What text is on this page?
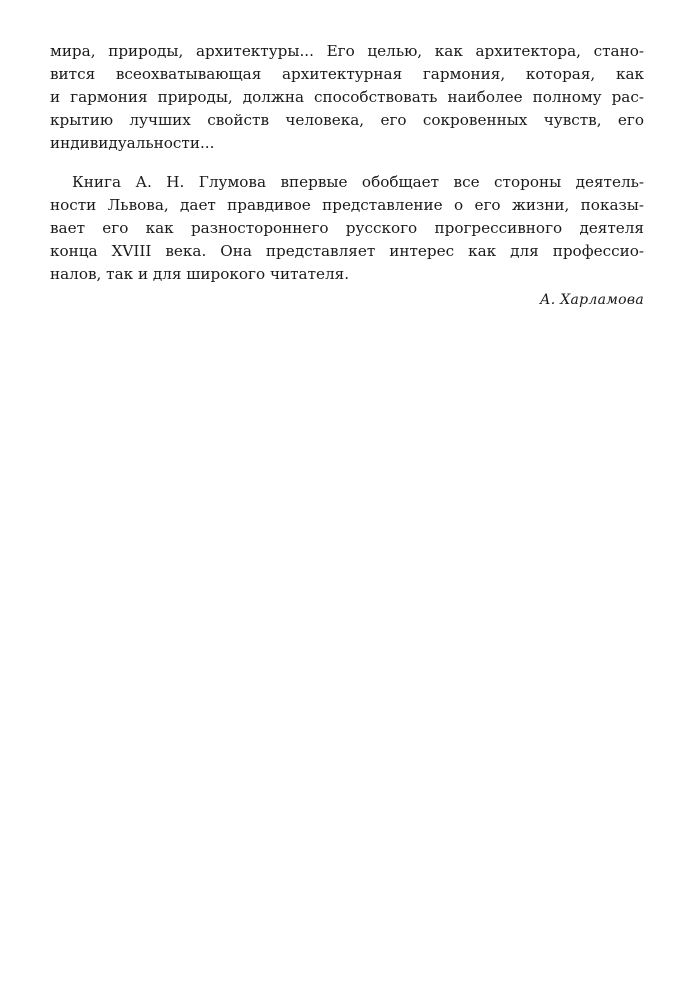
мира, природы, архитектуры... Его целью, как архитектора, стано-
вится всеохватывающая архитектурная гармония, которая, как
и гармония природы, должна способствовать наиболее полному рас-
крытию лучших свойств человека, его сокровенных чувств, его
индивидуальности...
Книга А. Н. Глумова впервые обобщает все стороны деятель-
ности Львова, дает правдивое представление о его жизни, показы-
вает его как разностороннего русского прогрессивного деятеля
конца XVIII века. Она представляет интерес как для профессио-
налов, так и для широкого читателя.
А. Харламова
